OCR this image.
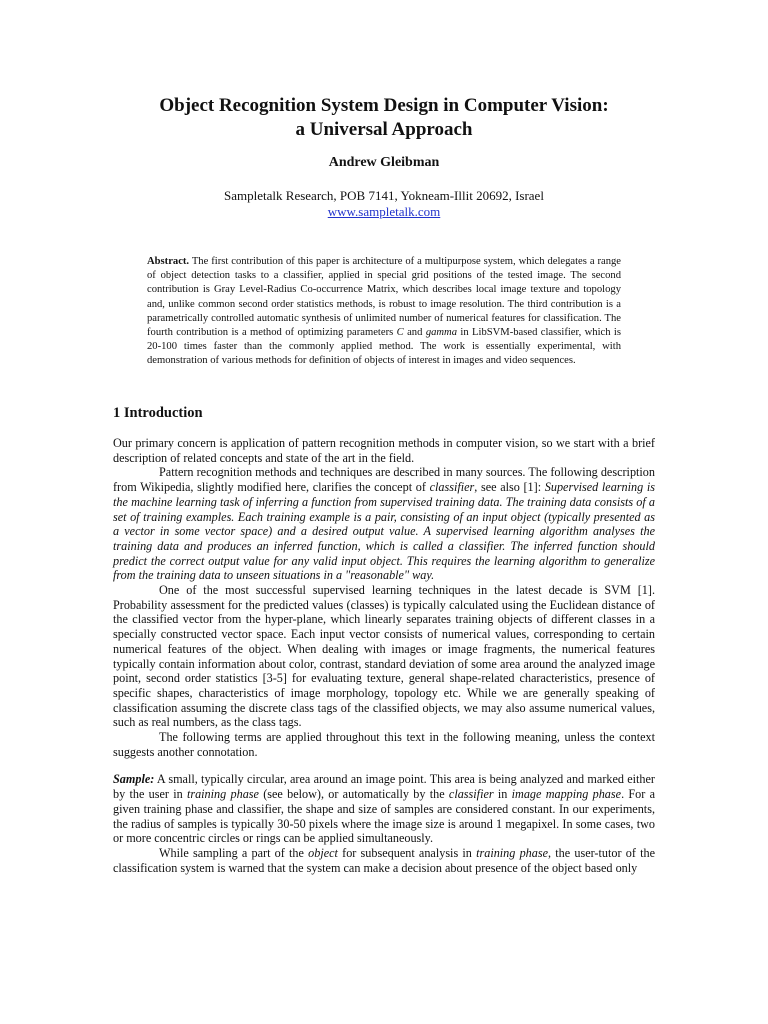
Object Recognition System Design in Computer Vision:
a Universal Approach
Andrew Gleibman
Sampletalk Research, POB 7141, Yokneam-Illit 20692, Israel
www.sampletalk.com
Abstract. The first contribution of this paper is architecture of a multipurpose system, which delegates a range of object detection tasks to a classifier, applied in special grid positions of the tested image. The second contribution is Gray Level-Radius Co-occurrence Matrix, which describes local image texture and topology and, unlike common second order statistics methods, is robust to image resolution. The third contribution is a parametrically controlled automatic synthesis of unlimited number of numerical features for classification. The fourth contribution is a method of optimizing parameters C and gamma in LibSVM-based classifier, which is 20-100 times faster than the commonly applied method. The work is essentially experimental, with demonstration of various methods for definition of objects of interest in images and video sequences.
1 Introduction

Our primary concern is application of pattern recognition methods in computer vision, so we start with a brief description of related concepts and state of the art in the field.

Pattern recognition methods and techniques are described in many sources. The following description from Wikipedia, slightly modified here, clarifies the concept of classifier, see also [1]: Supervised learning is the machine learning task of inferring a function from supervised training data. The training data consists of a set of training examples. Each training example is a pair, consisting of an input object (typically presented as a vector in some vector space) and a desired output value. A supervised learning algorithm analyses the training data and produces an inferred function, which is called a classifier. The inferred function should predict the correct output value for any valid input object. This requires the learning algorithm to generalize from the training data to unseen situations in a "reasonable" way.

One of the most successful supervised learning techniques in the latest decade is SVM [1]. Probability assessment for the predicted values (classes) is typically calculated using the Euclidean distance of the classified vector from the hyper-plane, which linearly separates training objects of different classes in a specially constructed vector space. Each input vector consists of numerical values, corresponding to certain numerical features of the object. When dealing with images or image fragments, the numerical features typically contain information about color, contrast, standard deviation of some area around the analyzed image point, second order statistics [3-5] for evaluating texture, general shape-related characteristics, presence of specific shapes, characteristics of image morphology, topology etc. While we are generally speaking of classification assuming the discrete class tags of the classified objects, we may also assume numerical values, such as real numbers, as the class tags.

The following terms are applied throughout this text in the following meaning, unless the context suggests another connotation.

Sample: A small, typically circular, area around an image point. This area is being analyzed and marked either by the user in training phase (see below), or automatically by the classifier in image mapping phase. For a given training phase and classifier, the shape and size of samples are considered constant. In our experiments, the radius of samples is typically 30-50 pixels where the image size is around 1 megapixel. In some cases, two or more concentric circles or rings can be applied simultaneously.

While sampling a part of the object for subsequent analysis in training phase, the user-tutor of the classification system is warned that the system can make a decision about presence of the object based only
